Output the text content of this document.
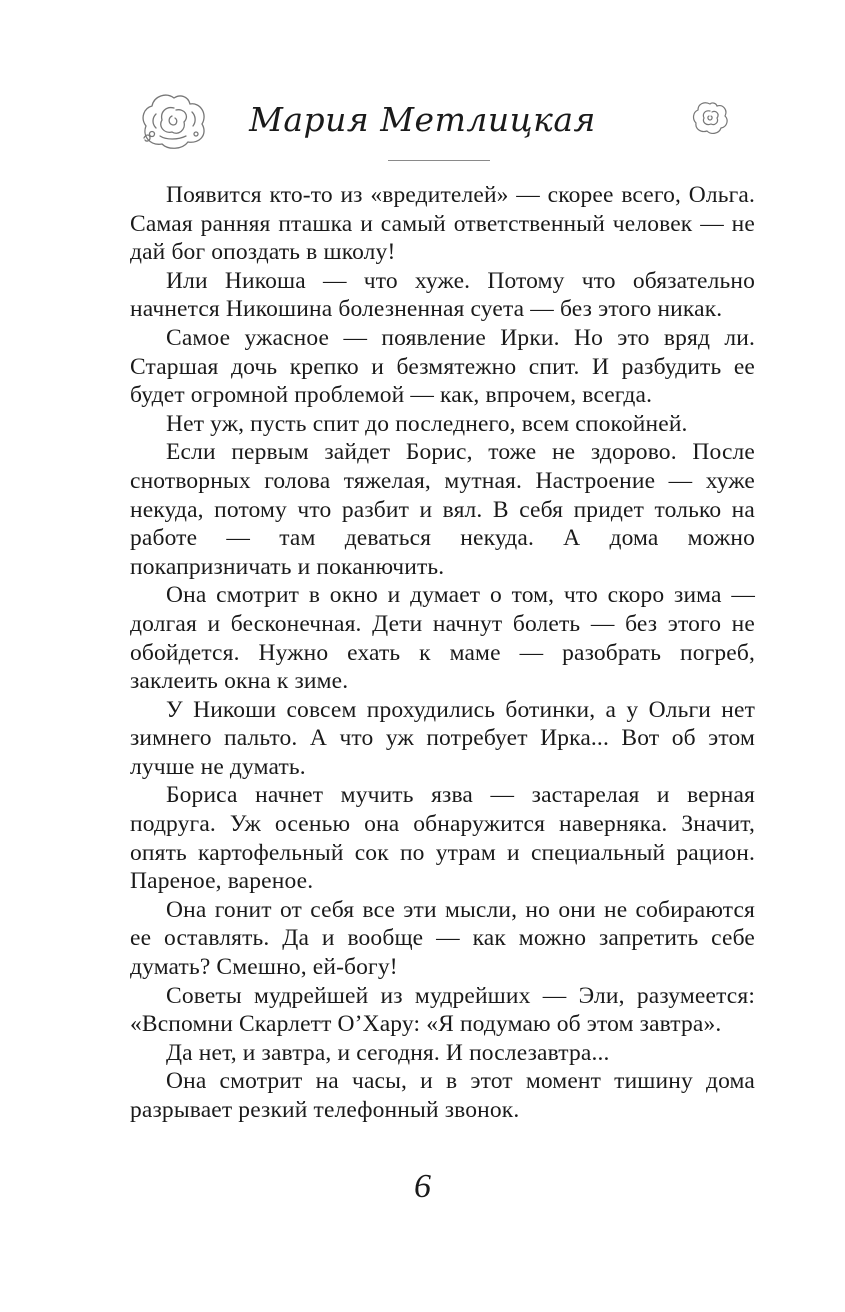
Мария Метлицкая

Появится кто-то из «вредителей» — скорее всего, Ольга. Самая ранняя пташка и самый ответственный человек — не дай бог опоздать в школу!

Или Никоша — что хуже. Потому что обязательно начнется Никошина болезненная суета — без этого никак.

Самое ужасное — появление Ирки. Но это вряд ли. Старшая дочь крепко и безмятежно спит. И разбудить ее будет огромной проблемой — как, впрочем, всегда.

Нет уж, пусть спит до последнего, всем спокойней.

Если первым зайдет Борис, тоже не здорово. После снотворных голова тяжелая, мутная. Настроение — хуже некуда, потому что разбит и вял. В себя придет только на работе — там деваться некуда. А дома можно покапризничать и поканючить.

Она смотрит в окно и думает о том, что скоро зима — долгая и бесконечная. Дети начнут болеть — без этого не обойдется. Нужно ехать к маме — разобрать погреб, заклеить окна к зиме.

У Никоши совсем прохудились ботинки, а у Ольги нет зимнего пальто. А что уж потребует Ирка... Вот об этом лучше не думать.

Бориса начнет мучить язва — застарелая и верная подруга. Уж осенью она обнаружится наверняка. Значит, опять картофельный сок по утрам и специальный рацион. Пареное, вареное.

Она гонит от себя все эти мысли, но они не собираются ее оставлять. Да и вообще — как можно запретить себе думать? Смешно, ей-богу!

Советы мудрейшей из мудрейших — Эли, разумеется: «Вспомни Скарлетт О’Хару: «Я подумаю об этом завтра».

Да нет, и завтра, и сегодня. И послезавтра...

Она смотрит на часы, и в этот момент тишину дома разрывает резкий телефонный звонок.

6
